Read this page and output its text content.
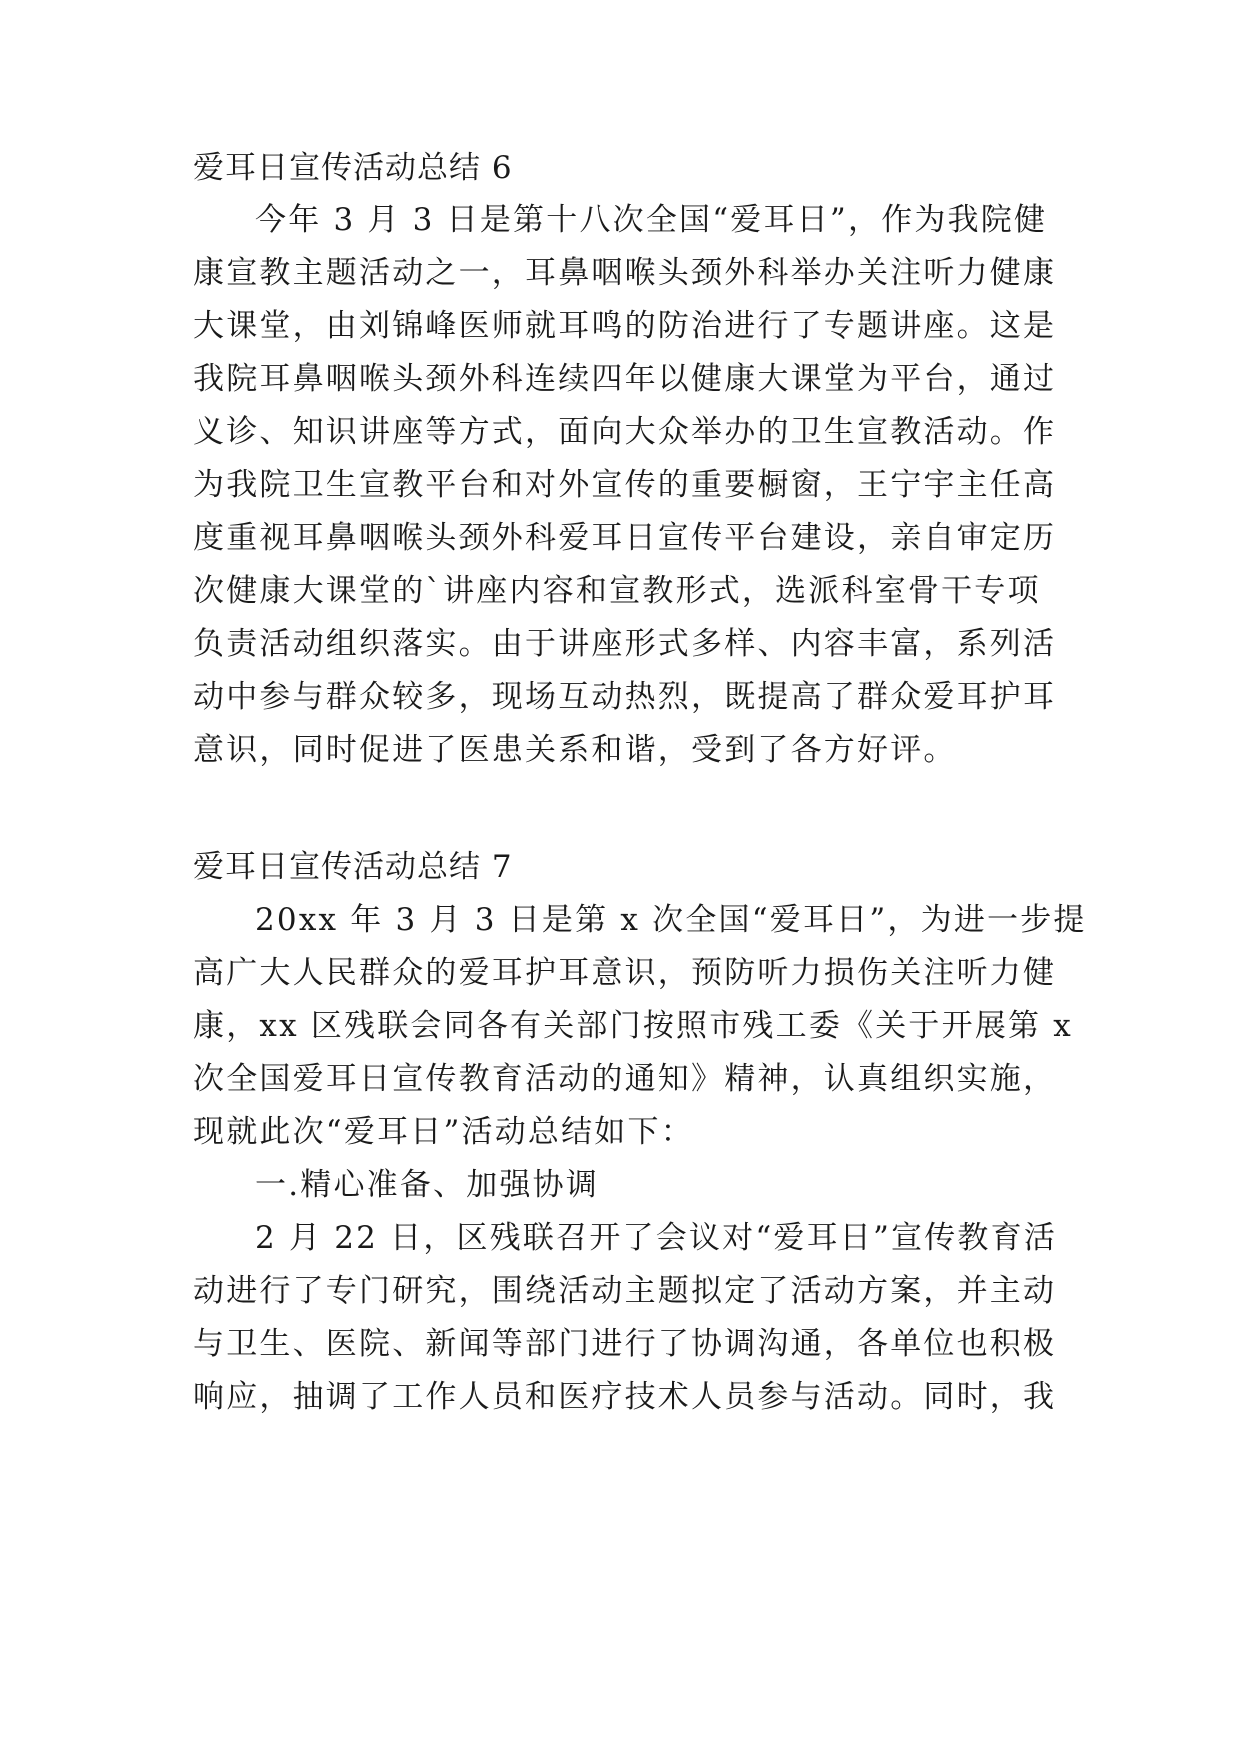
爱耳日宣传活动总结 6
今年 3 月 3 日是第十八次全国“爱耳日”，作为我院健
康宣教主题活动之一，耳鼻咽喉头颈外科举办关注听力健康
大课堂，由刘锦峰医师就耳鸣的防治进行了专题讲座。这是
我院耳鼻咽喉头颈外科连续四年以健康大课堂为平台，通过
义诊、知识讲座等方式，面向大众举办的卫生宣教活动。作
为我院卫生宣教平台和对外宣传的重要橱窗，王宁宇主任高
度重视耳鼻咽喉头颈外科爱耳日宣传平台建设，亲自审定历
次健康大课堂的`讲座内容和宣教形式，选派科室骨干专项
负责活动组织落实。由于讲座形式多样、内容丰富，系列活
动中参与群众较多，现场互动热烈，既提高了群众爱耳护耳
意识，同时促进了医患关系和谐，受到了各方好评。
爱耳日宣传活动总结 7
20xx 年 3 月 3 日是第 x 次全国“爱耳日”，为进一步提
高广大人民群众的爱耳护耳意识，预防听力损伤关注听力健
康，xx 区残联会同各有关部门按照市残工委《关于开展第 x
次全国爱耳日宣传教育活动的通知》精神，认真组织实施，
现就此次“爱耳日”活动总结如下：
一.精心准备、加强协调
2 月 22 日，区残联召开了会议对“爱耳日”宣传教育活
动进行了专门研究，围绕活动主题拟定了活动方案，并主动
与卫生、医院、新闻等部门进行了协调沟通，各单位也积极
响应，抽调了工作人员和医疗技术人员参与活动。同时，我
